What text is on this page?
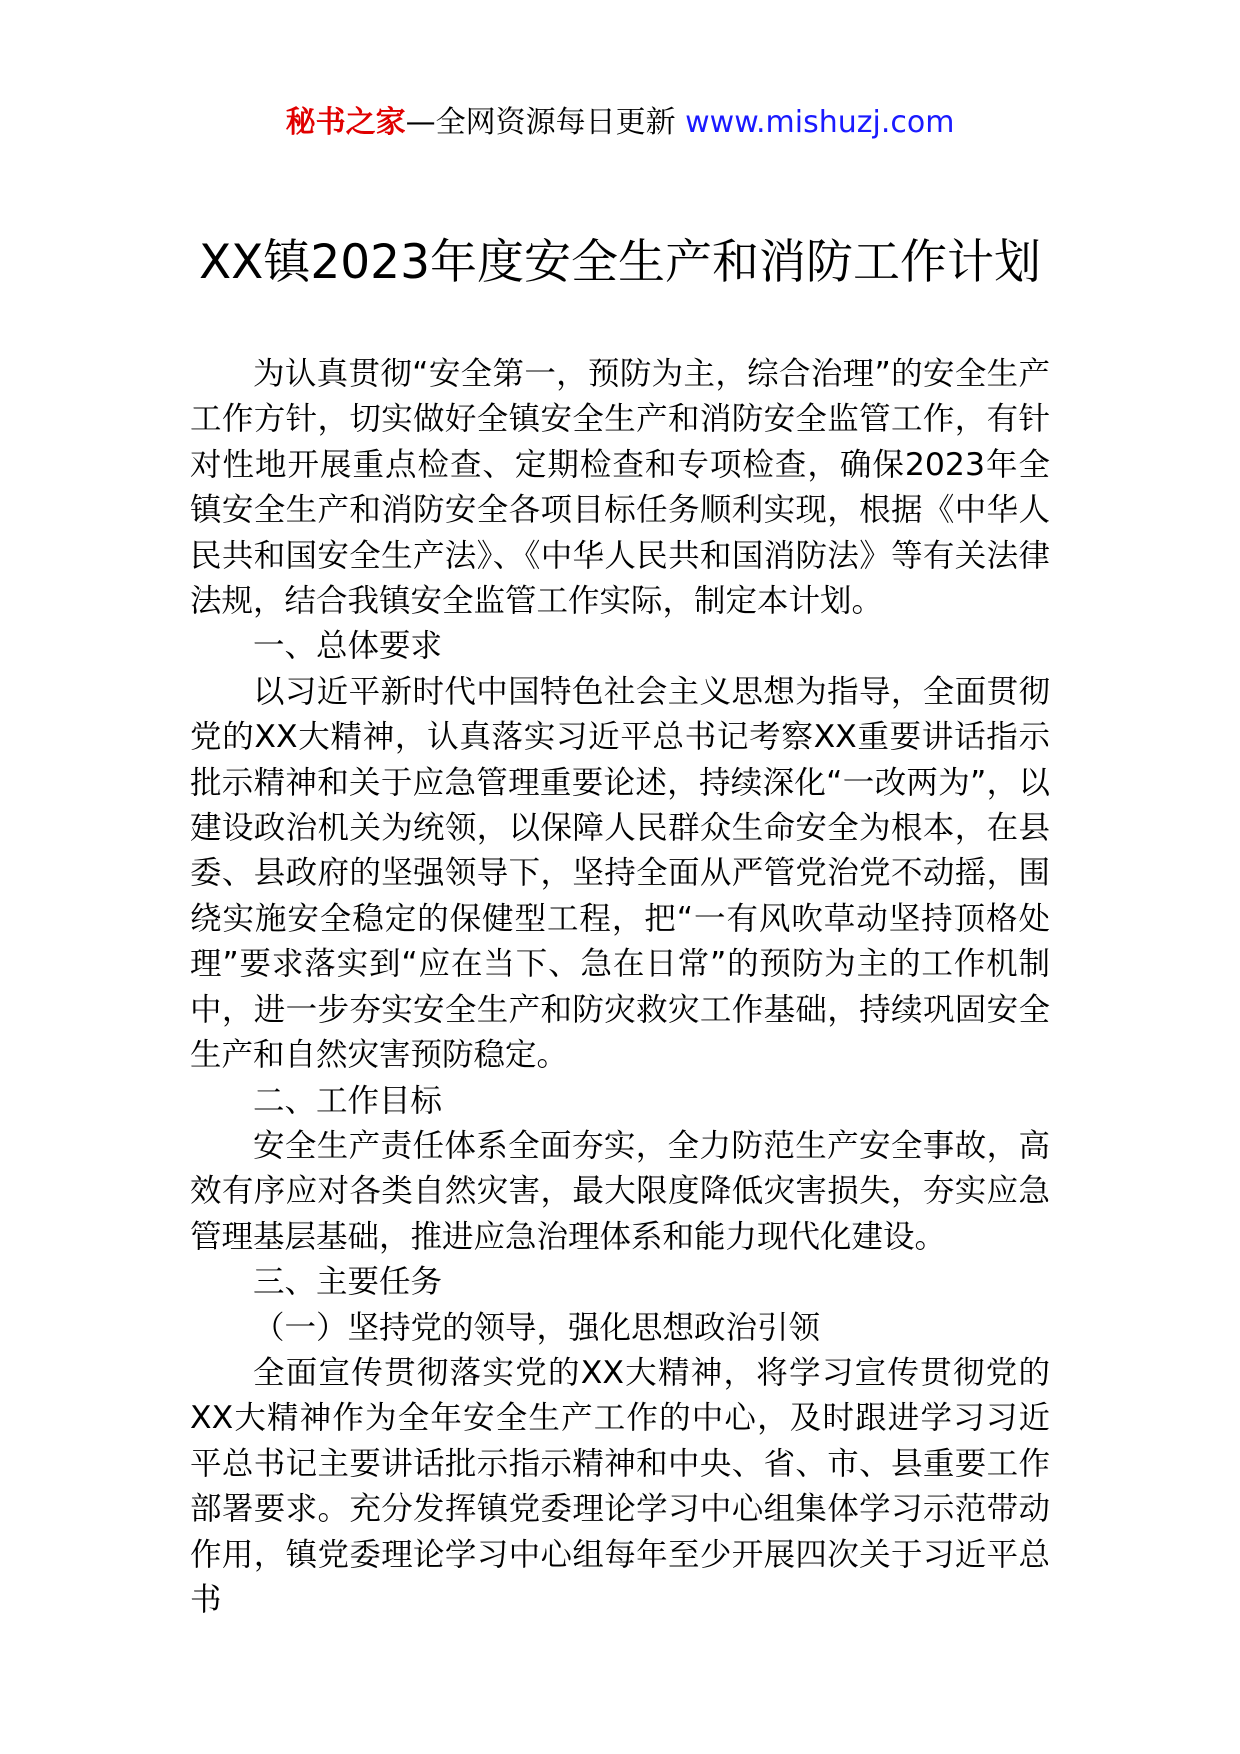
秘书之家—全网资源每日更新 www.mishuzj.com
XX镇2023年度安全生产和消防工作计划

为认真贯彻“安全第一，预防为主，综合治理”的安全生产工作方针，切实做好全镇安全生产和消防安全监管工作，有针对性地开展重点检查、定期检查和专项检查，确保2023年全镇安全生产和消防安全各项目标任务顺利实现，根据《中华人民共和国安全生产法》、《中华人民共和国消防法》等有关法律法规，结合我镇安全监管工作实际，制定本计划。

一、总体要求

以习近平新时代中国特色社会主义思想为指导，全面贯彻党的XX大精神，认真落实习近平总书记考察XX重要讲话指示批示精神和关于应急管理重要论述，持续深化“一改两为”，以建设政治机关为统领，以保障人民群众生命安全为根本，在县委、县政府的坚强领导下，坚持全面从严管党治党不动摇，围绕实施安全稳定的保健型工程，把“一有风吹草动坚持顶格处理”要求落实到“应在当下、急在日常”的预防为主的工作机制中，进一步夯实安全生产和防灾救灾工作基础，持续巩固安全生产和自然灾害预防稳定。

二、工作目标

安全生产责任体系全面夯实，全力防范生产安全事故，高效有序应对各类自然灾害，最大限度降低灾害损失，夯实应急管理基层基础，推进应急治理体系和能力现代化建设。

三、主要任务

（一）坚持党的领导，强化思想政治引领

全面宣传贯彻落实党的XX大精神，将学习宣传贯彻党的XX大精神作为全年安全生产工作的中心，及时跟进学习习近平总书记主要讲话批示指示精神和中央、省、市、县重要工作部署要求。充分发挥镇党委理论学习中心组集体学习示范带动作用，镇党委理论学习中心组每年至少开展四次关于习近平总书
